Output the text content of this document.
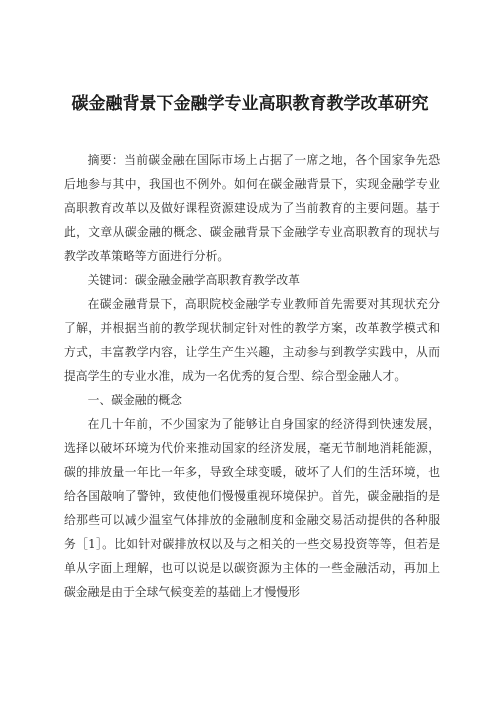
碳金融背景下金融学专业高职教育教学改革研究

摘要：当前碳金融在国际市场上占据了一席之地，各个国家争先恐后地参与其中，我国也不例外。如何在碳金融背景下，实现金融学专业高职教育改革以及做好课程资源建设成为了当前教育的主要问题。基于此，文章从碳金融的概念、碳金融背景下金融学专业高职教育的现状与教学改革策略等方面进行分析。

关键词：碳金融金融学高职教育教学改革

在碳金融背景下，高职院校金融学专业教师首先需要对其现状充分了解，并根据当前的教学现状制定针对性的教学方案，改革教学模式和方式，丰富教学内容，让学生产生兴趣，主动参与到教学实践中，从而提高学生的专业水准，成为一名优秀的复合型、综合型金融人才。

一、碳金融的概念

在几十年前，不少国家为了能够让自身国家的经济得到快速发展，选择以破坏环境为代价来推动国家的经济发展，毫无节制地消耗能源，碳的排放量一年比一年多，导致全球变暖，破坏了人们的生活环境，也给各国敲响了警钟，致使他们慢慢重视环境保护。首先，碳金融指的是给那些可以减少温室气体排放的金融制度和金融交易活动提供的各种服务［1］。比如针对碳排放权以及与之相关的一些交易投资等等，但若是单从字面上理解，也可以说是以碳资源为主体的一些金融活动，再加上碳金融是由于全球气候变差的基础上才慢慢形
